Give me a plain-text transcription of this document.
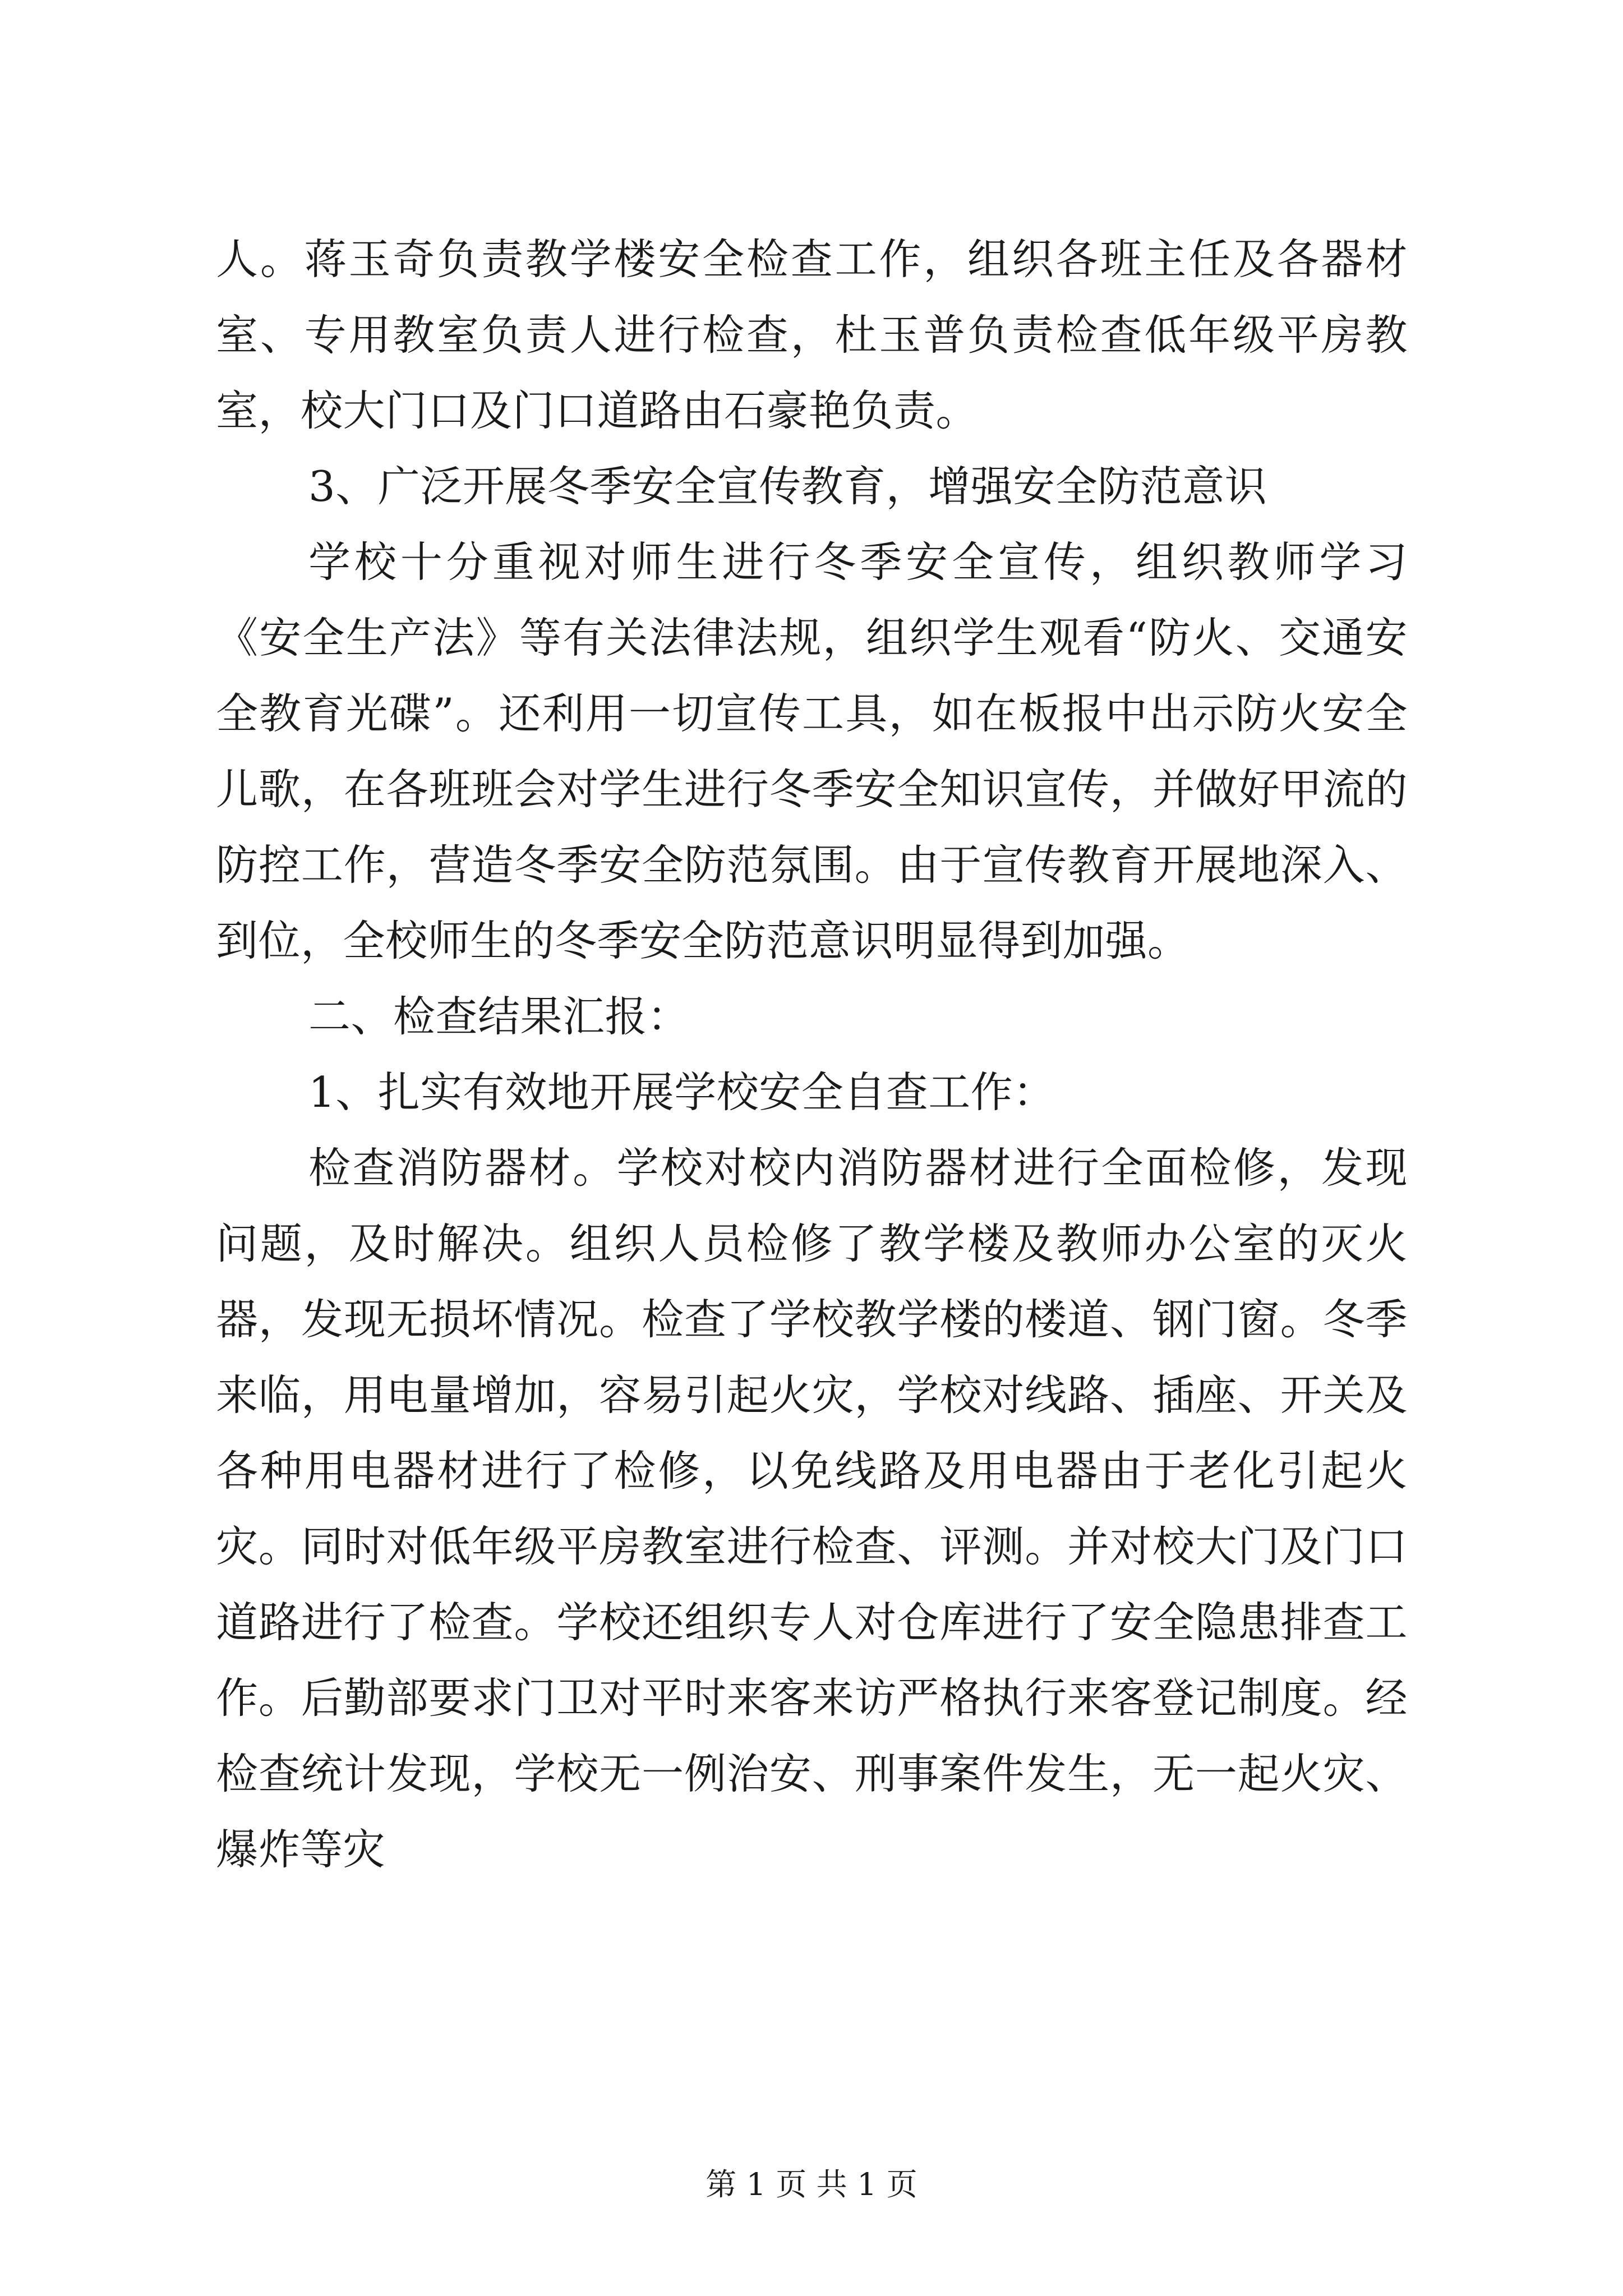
人。蒋玉奇负责教学楼安全检查工作，组织各班主任及各器材室、专用教室负责人进行检查，杜玉普负责检查低年级平房教室，校大门口及门口道路由石豪艳负责。

3、广泛开展冬季安全宣传教育，增强安全防范意识

学校十分重视对师生进行冬季安全宣传，组织教师学习《安全生产法》等有关法律法规，组织学生观看“防火、交通安全教育光碟”。还利用一切宣传工具，如在板报中出示防火安全儿歌，在各班班会对学生进行冬季安全知识宣传，并做好甲流的防控工作，营造冬季安全防范氛围。由于宣传教育开展地深入、到位，全校师生的冬季安全防范意识明显得到加强。

二、检查结果汇报：

1、扎实有效地开展学校安全自查工作：

检查消防器材。学校对校内消防器材进行全面检修，发现问题，及时解决。组织人员检修了教学楼及教师办公室的灭火器，发现无损坏情况。检查了学校教学楼的楼道、钢门窗。冬季来临，用电量增加，容易引起火灾，学校对线路、插座、开关及各种用电器材进行了检修，以免线路及用电器由于老化引起火灾。同时对低年级平房教室进行检查、评测。并对校大门及门口道路进行了检查。学校还组织专人对仓库进行了安全隐患排查工作。后勤部要求门卫对平时来客来访严格执行来客登记制度。经检查统计发现，学校无一例治安、刑事案件发生，无一起火灾、爆炸等灾

第 1 页 共 1 页
